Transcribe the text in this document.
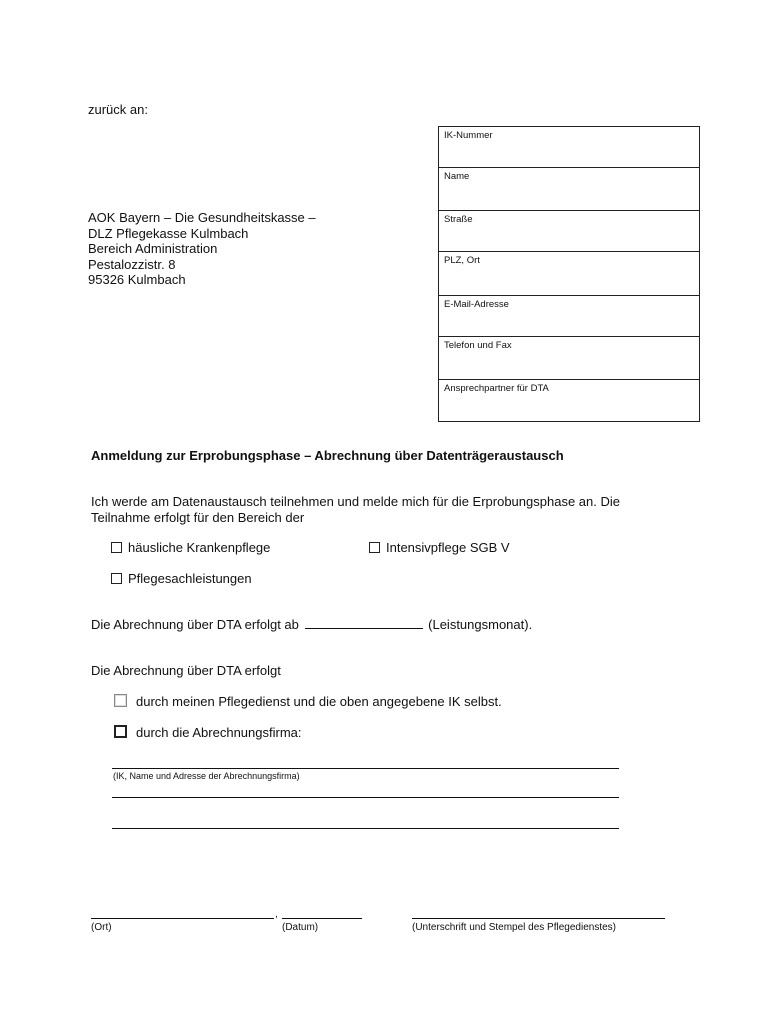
zurück an:
AOK Bayern – Die Gesundheitskasse –
DLZ Pflegekasse Kulmbach
Bereich Administration
Pestalozzistr. 8
95326 Kulmbach
IK-Nummer
Name
Straße
PLZ, Ort
E-Mail-Adresse
Telefon und Fax
Ansprechpartner für DTA
Anmeldung zur Erprobungsphase – Abrechnung über Datenträgeraustausch
Ich werde am Datenaustausch teilnehmen und melde mich für die Erprobungsphase an. Die
Teilnahme erfolgt für den Bereich der
häusliche Krankenpflege	Intensivpflege SGB V
Pflegesachleistungen
Die Abrechnung über DTA erfolgt ab	(Leistungsmonat).
Die Abrechnung über DTA erfolgt
durch meinen Pflegedienst und die oben angegebene IK selbst.
durch die Abrechnungsfirma:
(IK, Name und Adresse der Abrechnungsfirma)
,
(Ort)	(Datum)	(Unterschrift und Stempel des Pflegedienstes)
